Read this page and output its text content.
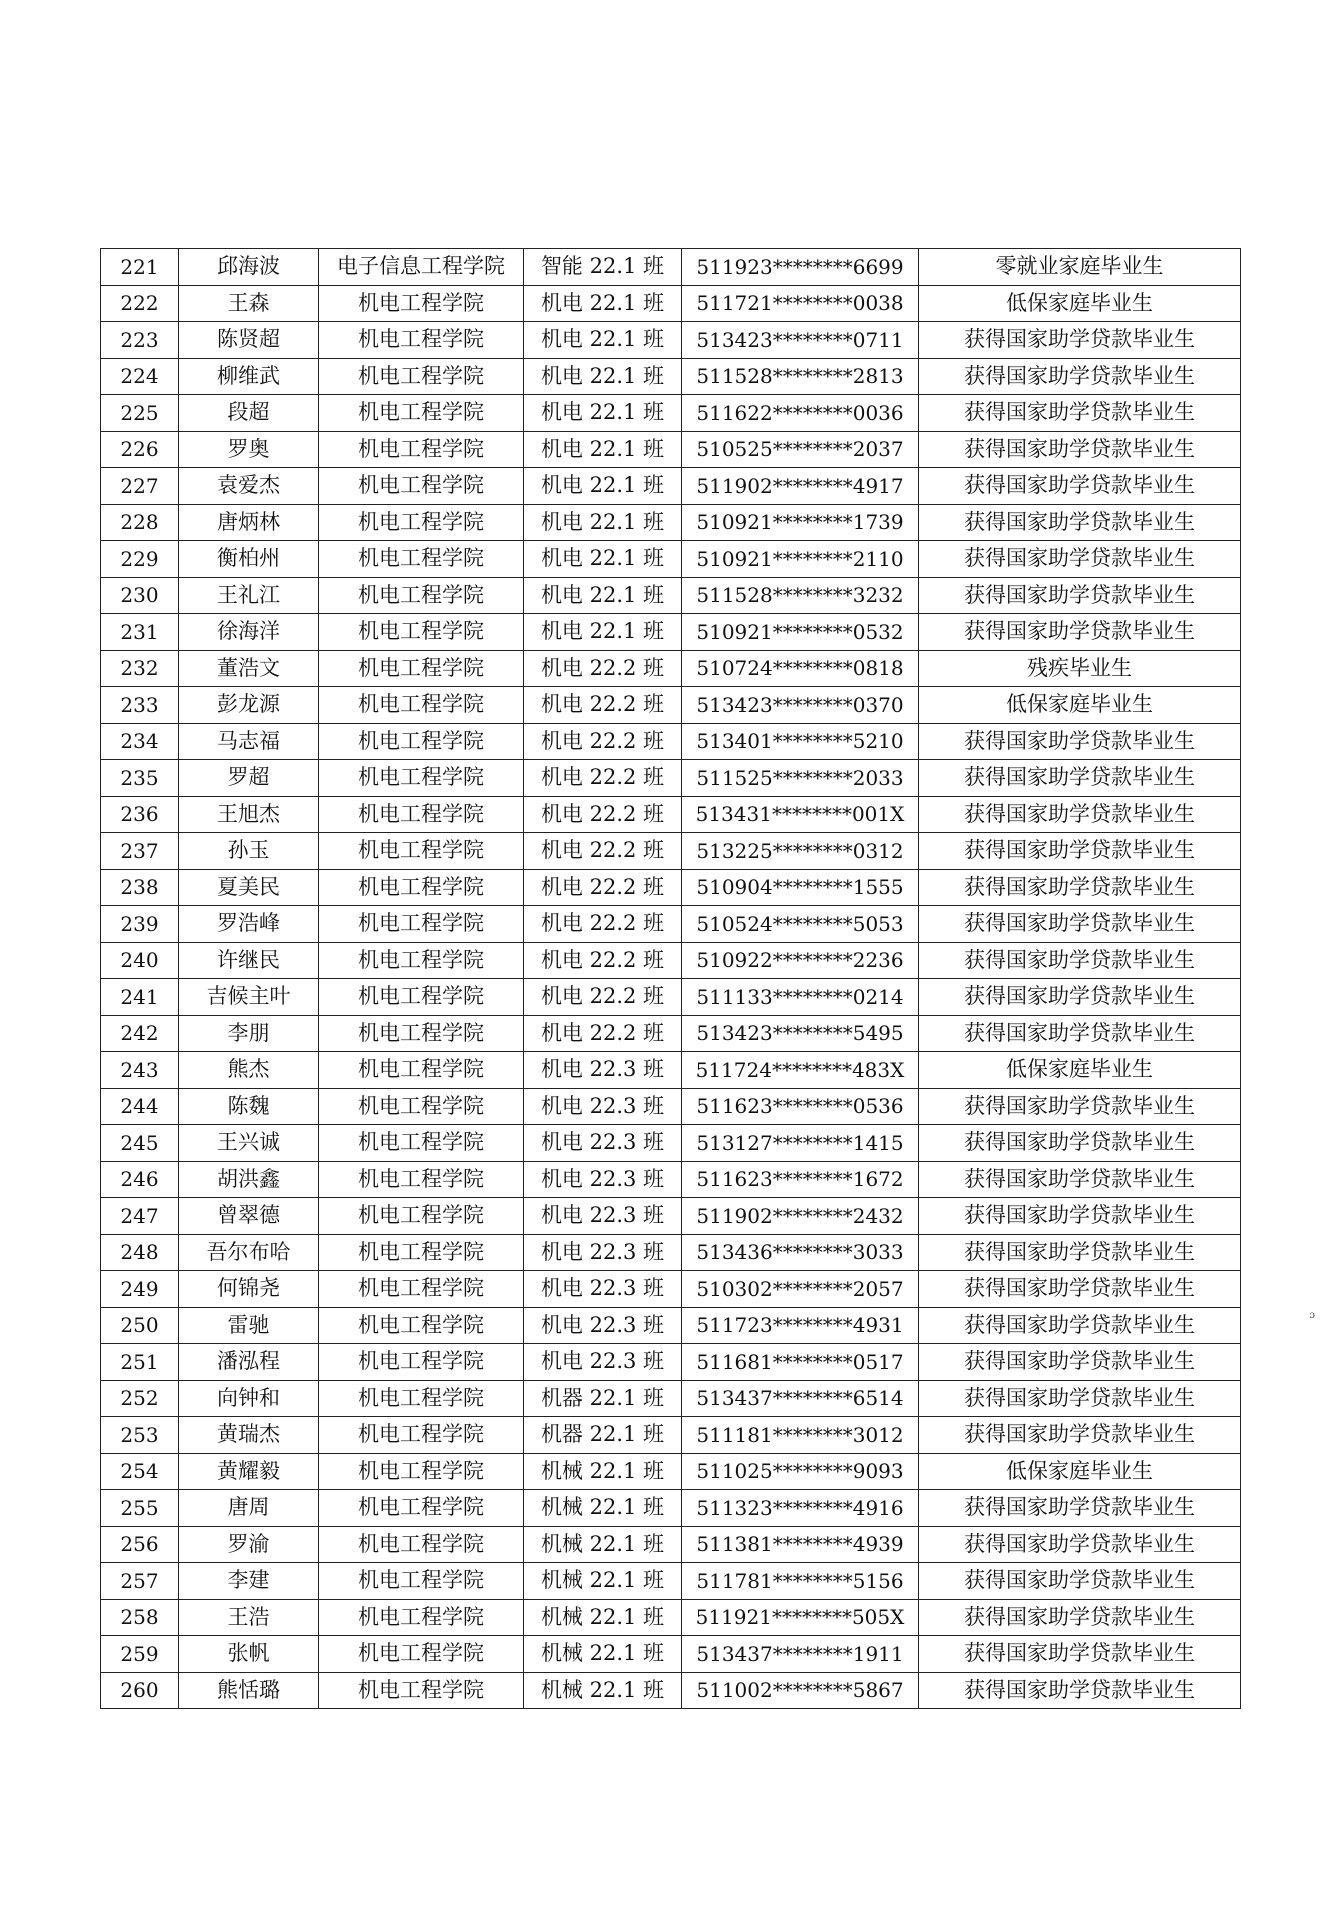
221	邱海波	电子信息工程学院	智能 22.1 班	511923********6699	零就业家庭毕业生
222	王森	机电工程学院	机电 22.1 班	511721********0038	低保家庭毕业生
223	陈贤超	机电工程学院	机电 22.1 班	513423********0711	获得国家助学贷款毕业生
224	柳维武	机电工程学院	机电 22.1 班	511528********2813	获得国家助学贷款毕业生
225	段超	机电工程学院	机电 22.1 班	511622********0036	获得国家助学贷款毕业生
226	罗奥	机电工程学院	机电 22.1 班	510525********2037	获得国家助学贷款毕业生
227	袁爱杰	机电工程学院	机电 22.1 班	511902********4917	获得国家助学贷款毕业生
228	唐炳林	机电工程学院	机电 22.1 班	510921********1739	获得国家助学贷款毕业生
229	衡柏州	机电工程学院	机电 22.1 班	510921********2110	获得国家助学贷款毕业生
230	王礼江	机电工程学院	机电 22.1 班	511528********3232	获得国家助学贷款毕业生
231	徐海洋	机电工程学院	机电 22.1 班	510921********0532	获得国家助学贷款毕业生
232	董浩文	机电工程学院	机电 22.2 班	510724********0818	残疾毕业生
233	彭龙源	机电工程学院	机电 22.2 班	513423********0370	低保家庭毕业生
234	马志福	机电工程学院	机电 22.2 班	513401********5210	获得国家助学贷款毕业生
235	罗超	机电工程学院	机电 22.2 班	511525********2033	获得国家助学贷款毕业生
236	王旭杰	机电工程学院	机电 22.2 班	513431********001X	获得国家助学贷款毕业生
237	孙玉	机电工程学院	机电 22.2 班	513225********0312	获得国家助学贷款毕业生
238	夏美民	机电工程学院	机电 22.2 班	510904********1555	获得国家助学贷款毕业生
239	罗浩峰	机电工程学院	机电 22.2 班	510524********5053	获得国家助学贷款毕业生
240	许继民	机电工程学院	机电 22.2 班	510922********2236	获得国家助学贷款毕业生
241	吉候主叶	机电工程学院	机电 22.2 班	511133********0214	获得国家助学贷款毕业生
242	李朋	机电工程学院	机电 22.2 班	513423********5495	获得国家助学贷款毕业生
243	熊杰	机电工程学院	机电 22.3 班	511724********483X	低保家庭毕业生
244	陈魏	机电工程学院	机电 22.3 班	511623********0536	获得国家助学贷款毕业生
245	王兴诚	机电工程学院	机电 22.3 班	513127********1415	获得国家助学贷款毕业生
246	胡洪鑫	机电工程学院	机电 22.3 班	511623********1672	获得国家助学贷款毕业生
247	曾翠德	机电工程学院	机电 22.3 班	511902********2432	获得国家助学贷款毕业生
248	吾尔布哈	机电工程学院	机电 22.3 班	513436********3033	获得国家助学贷款毕业生
249	何锦尧	机电工程学院	机电 22.3 班	510302********2057	获得国家助学贷款毕业生
250	雷驰	机电工程学院	机电 22.3 班	511723********4931	获得国家助学贷款毕业生
251	潘泓程	机电工程学院	机电 22.3 班	511681********0517	获得国家助学贷款毕业生
252	向钟和	机电工程学院	机器 22.1 班	513437********6514	获得国家助学贷款毕业生
253	黄瑞杰	机电工程学院	机器 22.1 班	511181********3012	获得国家助学贷款毕业生
254	黄耀毅	机电工程学院	机械 22.1 班	511025********9093	低保家庭毕业生
255	唐周	机电工程学院	机械 22.1 班	511323********4916	获得国家助学贷款毕业生
256	罗渝	机电工程学院	机械 22.1 班	511381********4939	获得国家助学贷款毕业生
257	李建	机电工程学院	机械 22.1 班	511781********5156	获得国家助学贷款毕业生
258	王浩	机电工程学院	机械 22.1 班	511921********505X	获得国家助学贷款毕业生
259	张帆	机电工程学院	机械 22.1 班	513437********1911	获得国家助学贷款毕业生
260	熊恬璐	机电工程学院	机械 22.1 班	511002********5867	获得国家助学贷款毕业生
ɔ
